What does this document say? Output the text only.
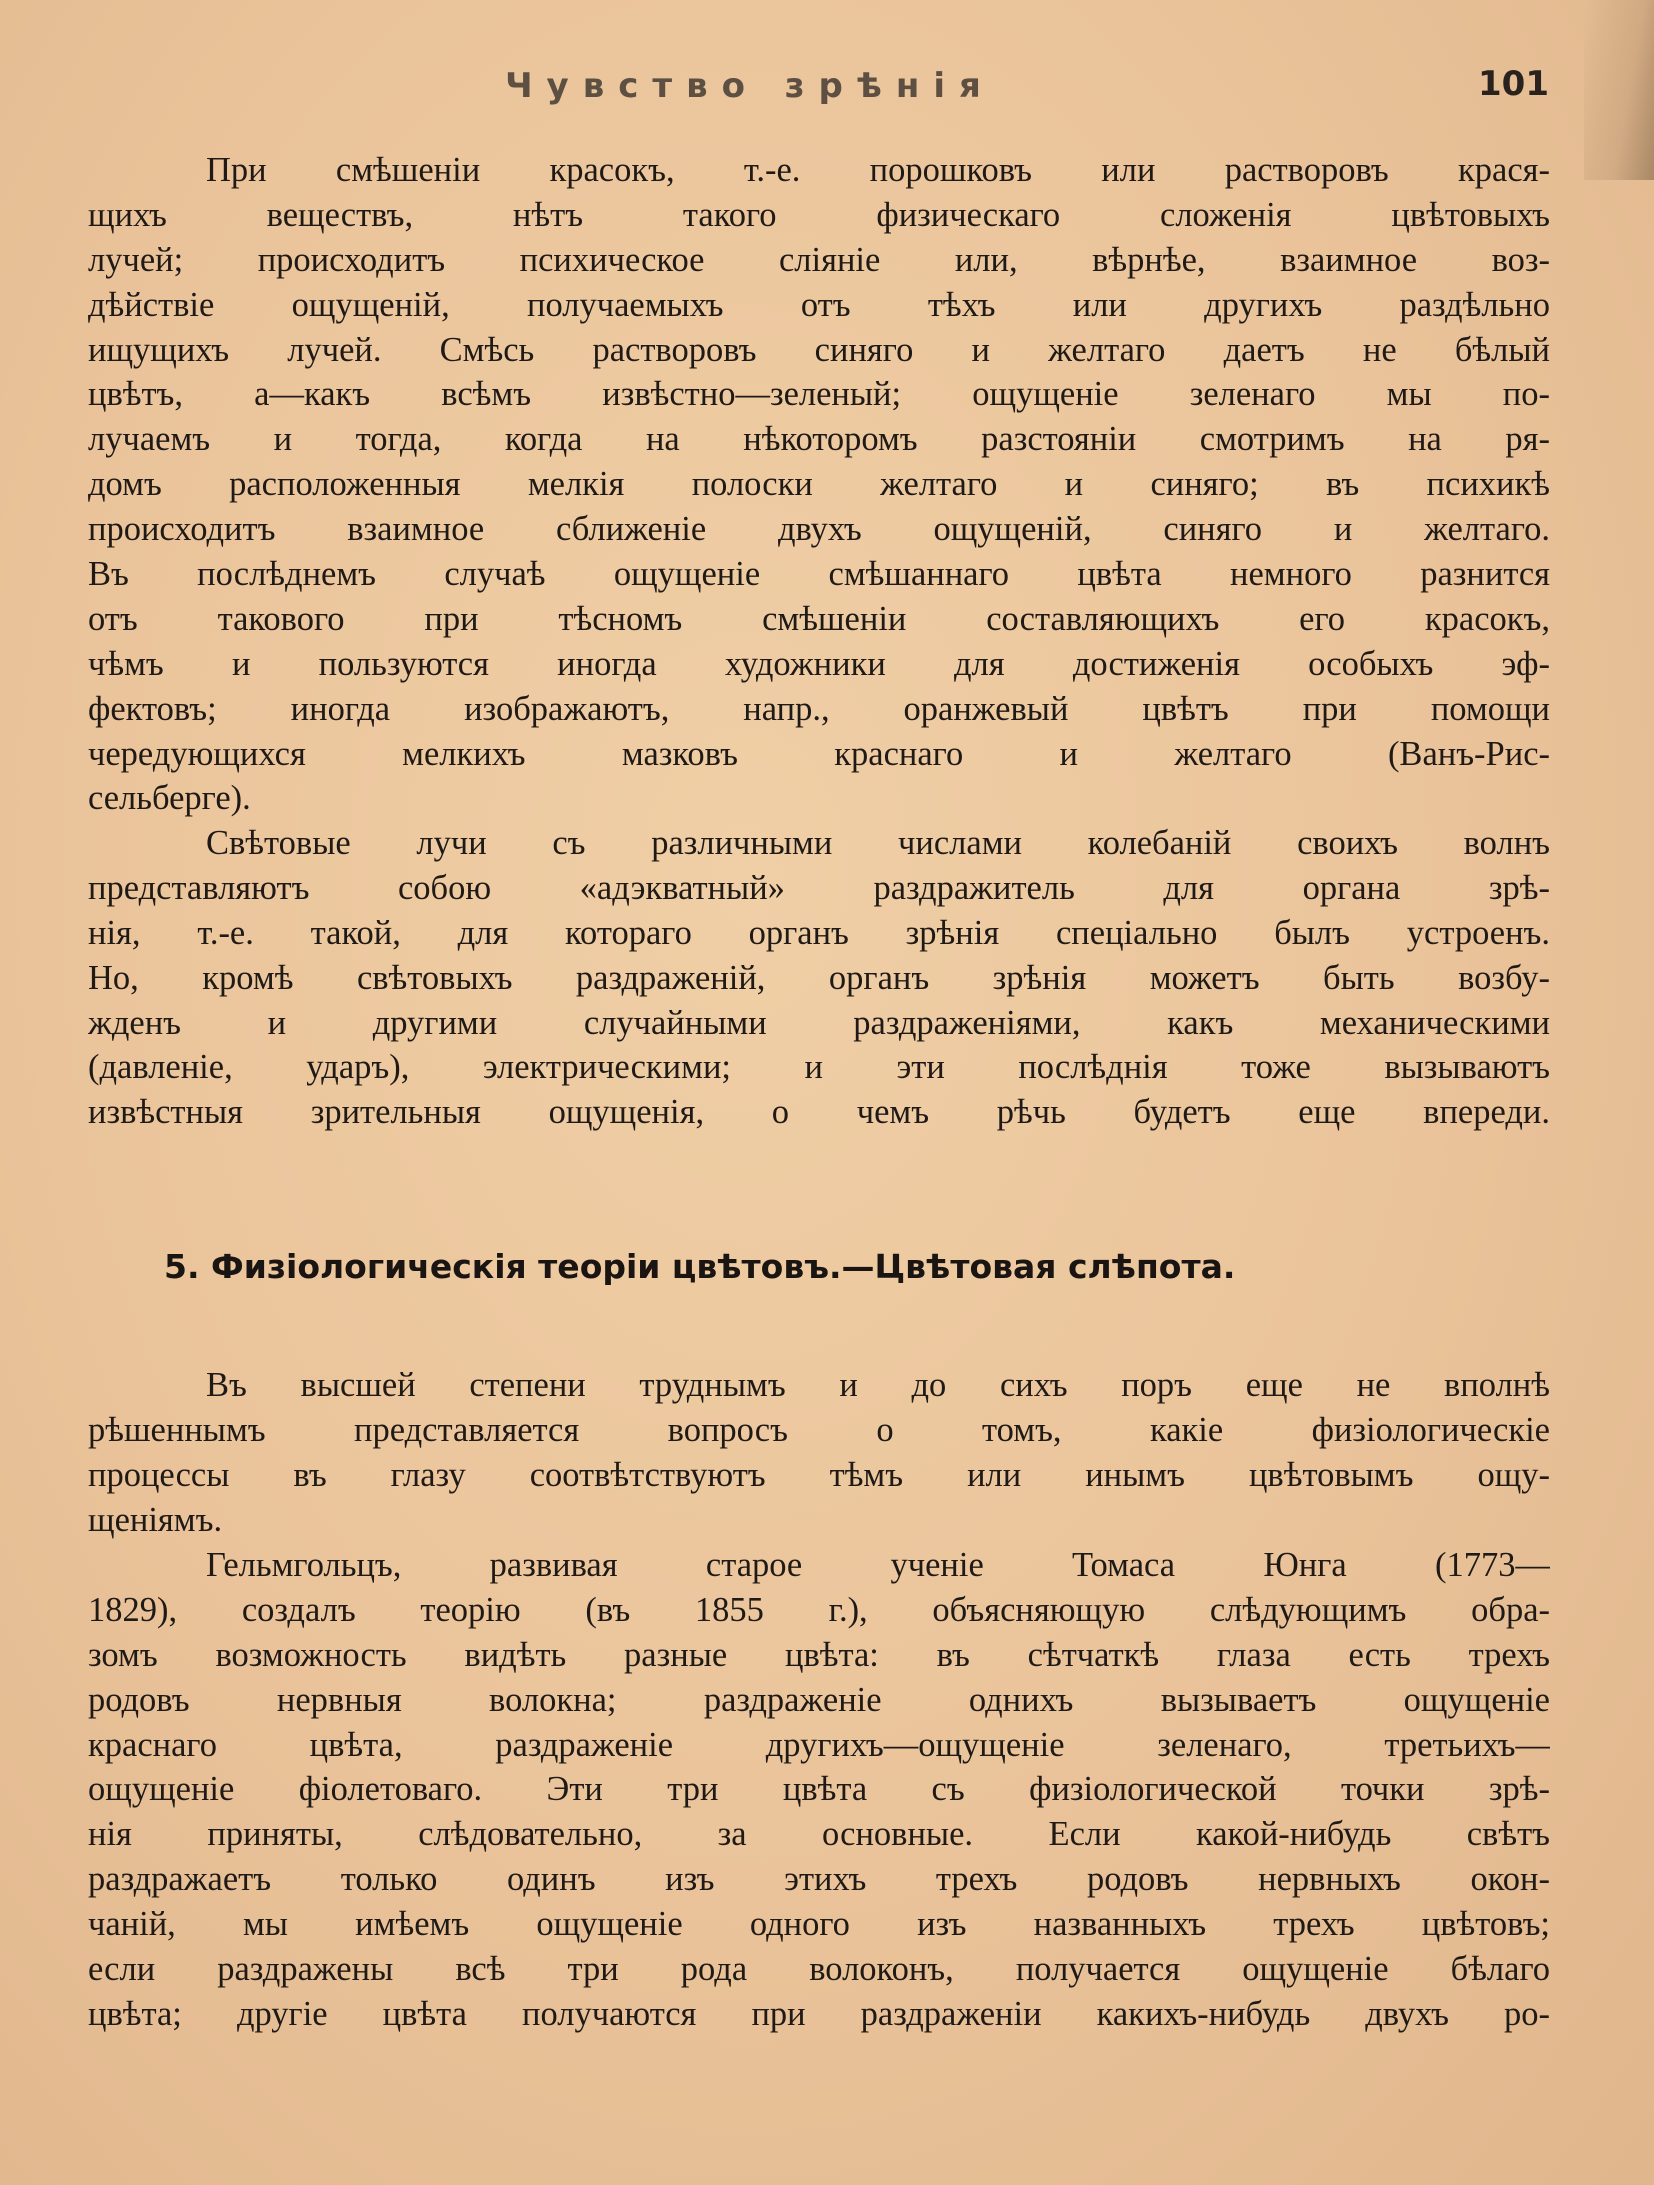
Чувство зрѣнія	101
При смѣшеніи красокъ, т.-е. порошковъ или растворовъ крася-
щихъ веществъ, нѣтъ такого физическаго сложенія цвѣтовыхъ
лучей; происходитъ психическое сліяніе или, вѣрнѣе, взаимное воз-
дѣйствіе ощущеній, получаемыхъ отъ тѣхъ или другихъ раздѣльно
ищущихъ лучей. Смѣсь растворовъ синяго и желтаго даетъ не бѣлый
цвѣтъ, а—какъ всѣмъ извѣстно—зеленый; ощущеніе зеленаго мы по-
лучаемъ и тогда, когда на нѣкоторомъ разстояніи смотримъ на ря-
домъ расположенныя мелкія полоски желтаго и синяго; въ психикѣ
происходитъ взаимное сближеніе двухъ ощущеній, синяго и желтаго.
Въ послѣднемъ случаѣ ощущеніе смѣшаннаго цвѣта немного разнится
отъ такового при тѣсномъ смѣшеніи составляющихъ его красокъ,
чѣмъ и пользуются иногда художники для достиженія особыхъ эф-
фектовъ; иногда изображаютъ, напр., оранжевый цвѣтъ при помощи
чередующихся мелкихъ мазковъ краснаго и желтаго (Ванъ-Рис-
сельберге).
Свѣтовые лучи съ различными числами колебаній своихъ волнъ
представляютъ собою «адэкватный» раздражитель для органа зрѣ-
нія, т.-е. такой, для котораго органъ зрѣнія спеціально былъ устроенъ.
Но, кромѣ свѣтовыхъ раздраженій, органъ зрѣнія можетъ быть возбу-
жденъ и другими случайными раздраженіями, какъ механическими
(давленіе, ударъ), электрическими; и эти послѣднія тоже вызываютъ
извѣстныя зрительныя ощущенія, о чемъ рѣчь будетъ еще впереди.
5. Физіологическія теоріи цвѣтовъ.—Цвѣтовая слѣпота.
Въ высшей степени труднымъ и до сихъ поръ еще не вполнѣ
рѣшеннымъ представляется вопросъ о томъ, какіе физіологическіе
процессы въ глазу соотвѣтствуютъ тѣмъ или инымъ цвѣтовымъ ощу-
щеніямъ.
Гельмгольцъ, развивая старое ученіе Томаса Юнга (1773—
1829), создалъ теорію (въ 1855 г.), объясняющую слѣдующимъ обра-
зомъ возможность видѣть разные цвѣта: въ сѣтчаткѣ глаза есть трехъ
родовъ нервныя волокна; раздраженіе однихъ вызываетъ ощущеніе
краснаго цвѣта, раздраженіе другихъ—ощущеніе зеленаго, третьихъ—
ощущеніе фіолетоваго. Эти три цвѣта съ физіологической точки зрѣ-
нія приняты, слѣдовательно, за основные. Если какой-нибудь свѣтъ
раздражаетъ только одинъ изъ этихъ трехъ родовъ нервныхъ окон-
чаній, мы имѣемъ ощущеніе одного изъ названныхъ трехъ цвѣтовъ;
если раздражены всѣ три рода волоконъ, получается ощущеніе бѣлаго
цвѣта; другіе цвѣта получаются при раздраженіи какихъ-нибудь двухъ ро-
